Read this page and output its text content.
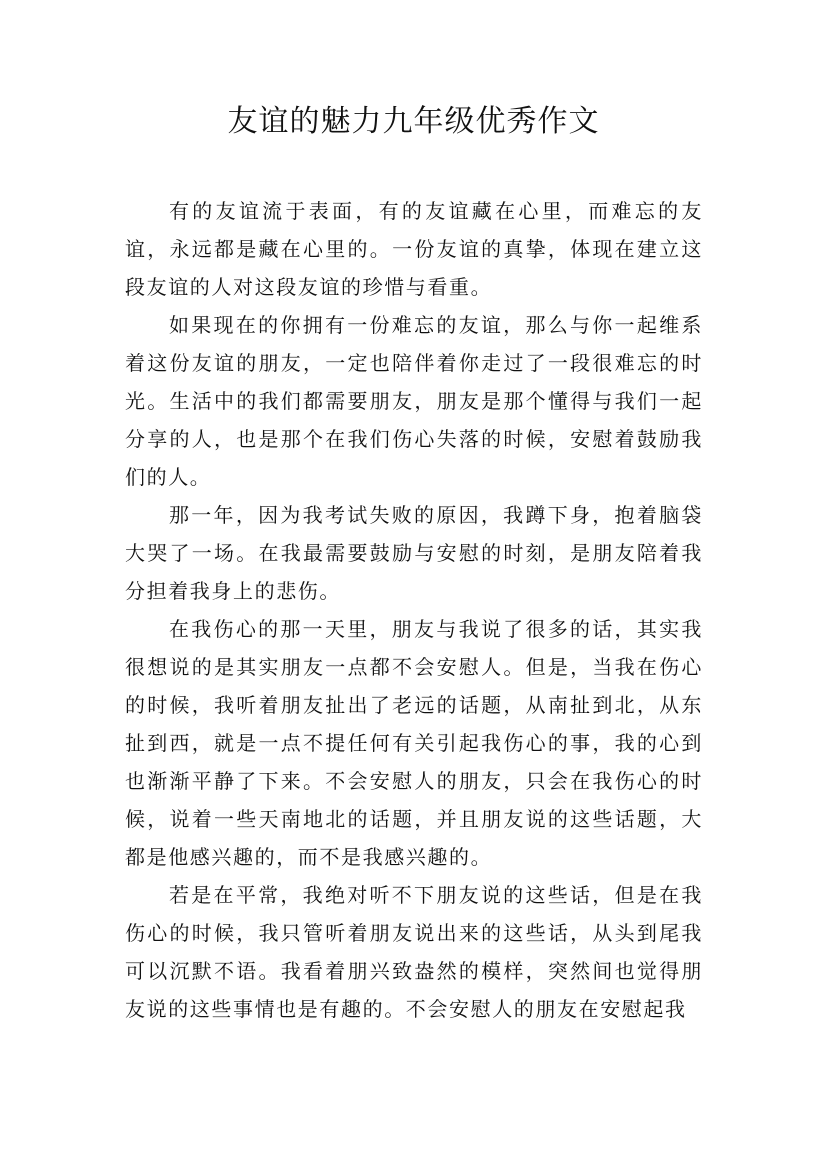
友谊的魅力九年级优秀作文

有的友谊流于表面，有的友谊藏在心里，而难忘的友谊，永远都是藏在心里的。一份友谊的真挚，体现在建立这段友谊的人对这段友谊的珍惜与看重。

如果现在的你拥有一份难忘的友谊，那么与你一起维系着这份友谊的朋友，一定也陪伴着你走过了一段很难忘的时光。生活中的我们都需要朋友，朋友是那个懂得与我们一起分享的人，也是那个在我们伤心失落的时候，安慰着鼓励我们的人。

那一年，因为我考试失败的原因，我蹲下身，抱着脑袋大哭了一场。在我最需要鼓励与安慰的时刻，是朋友陪着我分担着我身上的悲伤。

在我伤心的那一天里，朋友与我说了很多的话，其实我很想说的是其实朋友一点都不会安慰人。但是，当我在伤心的时候，我听着朋友扯出了老远的话题，从南扯到北，从东扯到西，就是一点不提任何有关引起我伤心的事，我的心到也渐渐平静了下来。不会安慰人的朋友，只会在我伤心的时候，说着一些天南地北的话题，并且朋友说的这些话题，大都是他感兴趣的，而不是我感兴趣的。

若是在平常，我绝对听不下朋友说的这些话，但是在我伤心的时候，我只管听着朋友说出来的这些话，从头到尾我可以沉默不语。我看着朋兴致盎然的模样，突然间也觉得朋友说的这些事情也是有趣的。不会安慰人的朋友在安慰起我
